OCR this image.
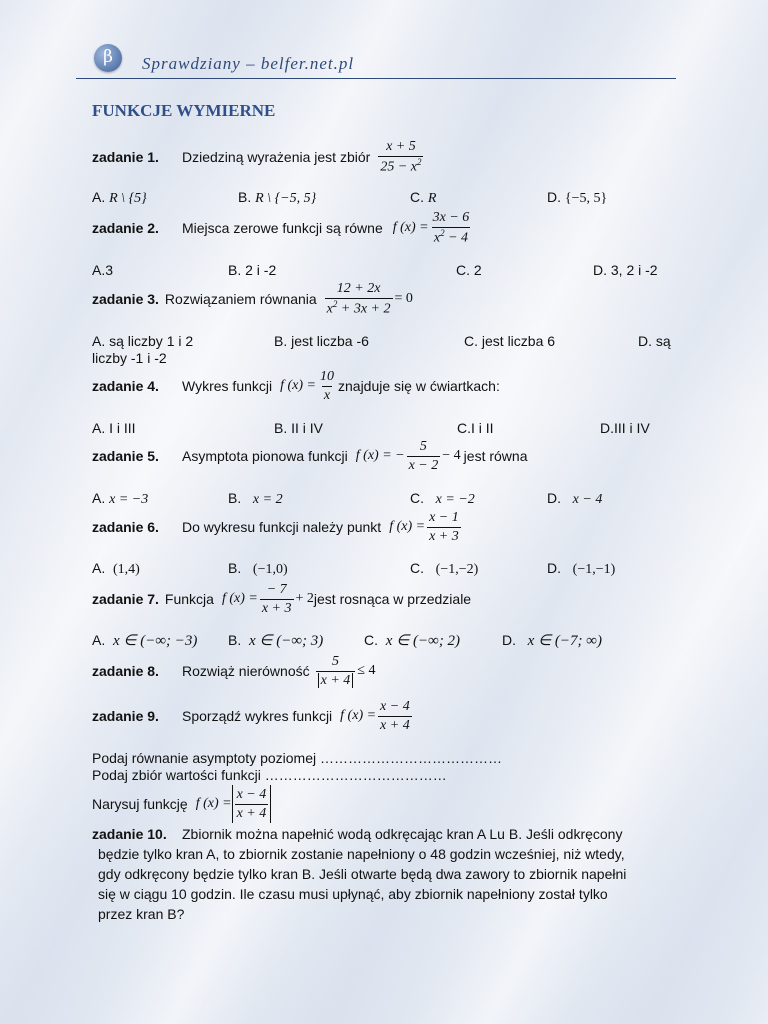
β	Sprawdziany – belfer.net.pl
FUNKCJE WYMIERNE
zadanie 1.	Dziedziną wyrażenia jest zbiór $\frac{x + 5}{25 - x^2}$
A. R \ {5}	B. R \ {−5, 5}	C. R	D. {−5, 5}
zadanie 2.	Miejsca zerowe funkcji są równe f $(x) = \frac{3x - 6}{x^2 - 4}$
A.3	B. 2 i -2	C. 2	D. 3, 2 i -2
zadanie 3. Rozwiązaniem równania $\frac{12 + 2x}{x^2 + 3x + 2} = 0$
A. są liczby 1 i 2	B. jest liczba -6	C. jest liczba 6	D. są
liczby -1 i -2
zadanie 4.	Wykres funkcji f $(x) = \frac{10}{x}$ znajduje się w ćwiartkach:
A. I i III	B. II i IV	C.I i II	D.III i IV
zadanie 5.	Asymptota pionowa funkcji f (x) = − $\frac{5}{x - 2} - 4$ jest równa
A. x = −3	B. x = 2	C. x = −2	D. x − 4
zadanie 6.	Do wykresu funkcji należy punkt f $(x) = \frac{x - 1}{x + 3}$
A. (1,4)	B. (−1,0)	C. (−1,−2)	D. (−1,−1)
zadanie 7. Funkcja f $(x) = \frac{- 7}{x + 3} + 2$ jest rosnąca w przedziale
A. x ∈ (−∞; −3) B. x ∈ (−∞; 3)	C. x ∈ (−∞; 2)	D. x ∈ (−7; ∞)
zadanie 8.	Rozwiąż nierówność $\frac{5}{x + 4} \le 4$
zadanie 9.	Sporządź wykres funkcji f $(x) = \frac{x - 4}{x + 4}$
Podaj równanie asymptoty poziomej …………………………………
Podaj zbiór wartości funkcji …………………………………
Narysuj funkcję f $(x) = \frac{x - 4}{x + 4}$
zadanie 10. Zbiornik można napełnić wodą odkręcając kran A Lu B. Jeśli odkręcony
będzie tylko kran A, to zbiornik zostanie napełniony o 48 godzin wcześniej, niż wtedy,
gdy odkręcony będzie tylko kran B. Jeśli otwarte będą dwa zawory to zbiornik napełni
się w ciągu 10 godzin. Ile czasu musi upłynąć, aby zbiornik napełniony został tylko
przez kran B?
